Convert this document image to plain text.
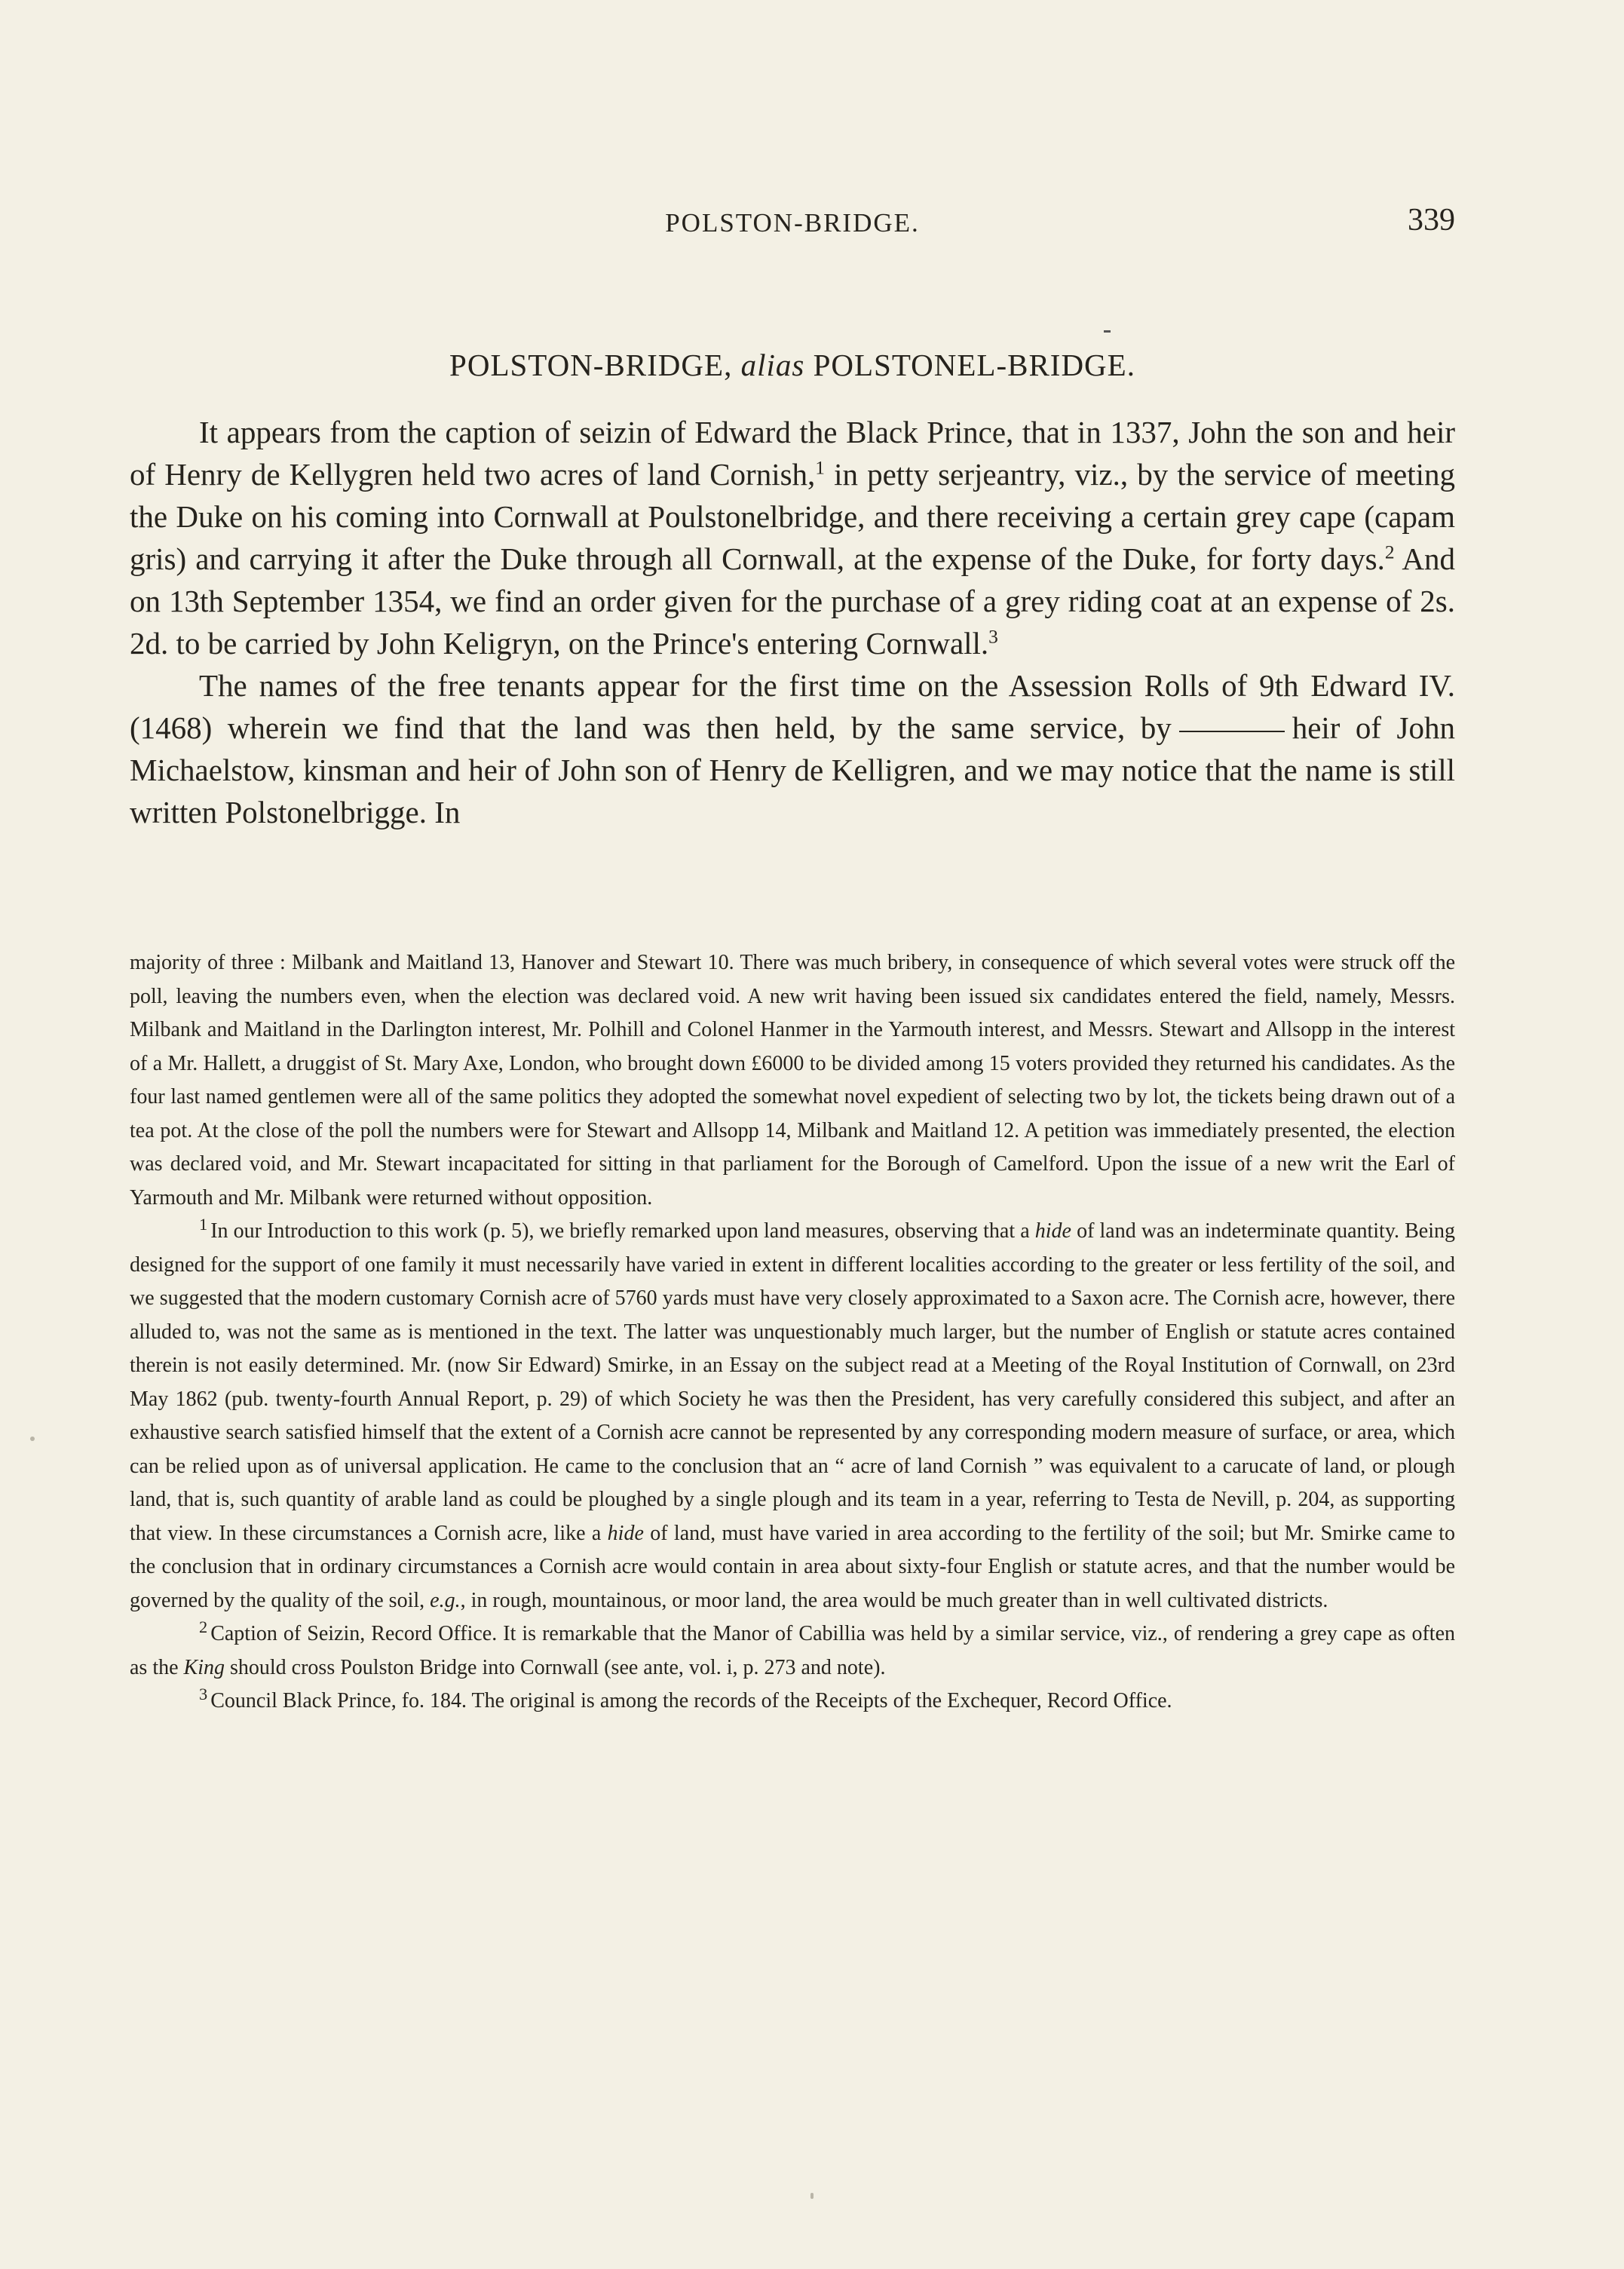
POLSTON-BRIDGE.	339
POLSTON-BRIDGE, alias POLSTONEL-BRIDGE.

It appears from the caption of seizin of Edward the Black Prince, that in 1337, John the son and heir of Henry de Kellygren held two acres of land Cornish,$^1$ in petty serjeantry, viz., by the service of meeting the Duke on his coming into Cornwall at Poulstonelbridge, and there receiving a certain grey cape (capam gris) and carrying it after the Duke through all Cornwall, at the expense of the Duke, for forty days.$^2$ And on 13th September 1354, we find an order given for the purchase of a grey riding coat at an expense of 2s. 2d. to be carried by John Keligryn, on the Prince's entering Cornwall.$^3$

The names of the free tenants appear for the first time on the Assession Rolls of 9th Edward IV. (1468) wherein we find that the land was then held, by the same service, by	heir of John Michaelstow, kinsman and heir of John son of Henry de Kelligren, and we may notice that the name is still written Polstonelbrigge. In

majority of three : Milbank and Maitland 13, Hanover and Stewart 10. There was much bribery, in consequence of which several votes were struck off the poll, leaving the numbers even, when the election was declared void. A new writ having been issued six candidates entered the field, namely, Messrs. Milbank and Maitland in the Darlington interest, Mr. Polhill and Colonel Hanmer in the Yarmouth interest, and Messrs. Stewart and Allsopp in the interest of a Mr. Hallett, a druggist of St. Mary Axe, London, who brought down £6000 to be divided among 15 voters provided they returned his candidates. As the four last named gentlemen were all of the same politics they adopted the somewhat novel expedient of selecting two by lot, the tickets being drawn out of a tea pot. At the close of the poll the numbers were for Stewart and Allsopp 14, Milbank and Maitland 12. A petition was immediately presented, the election was declared void, and Mr. Stewart incapacitated for sitting in that parliament for the Borough of Camelford. Upon the issue of a new writ the Earl of Yarmouth and Mr. Milbank were returned without opposition.

$^1$ In our Introduction to this work (p. 5), we briefly remarked upon land measures, observing that a hide of land was an indeterminate quantity. Being designed for the support of one family it must necessarily have varied in extent in different localities according to the greater or less fertility of the soil, and we suggested that the modern customary Cornish acre of 5760 yards must have very closely approximated to a Saxon acre. The Cornish acre, however, there alluded to, was not the same as is mentioned in the text. The latter was unquestionably much larger, but the number of English or statute acres contained therein is not easily determined. Mr. (now Sir Edward) Smirke, in an Essay on the subject read at a Meeting of the Royal Institution of Cornwall, on 23rd May 1862 (pub. twenty-fourth Annual Report, p. 29) of which Society he was then the President, has very carefully considered this subject, and after an exhaustive search satisfied himself that the extent of a Cornish acre cannot be represented by any corresponding modern measure of surface, or area, which can be relied upon as of universal application. He came to the conclusion that an “ acre of land Cornish ” was equivalent to a carucate of land, or plough land, that is, such quantity of arable land as could be ploughed by a single plough and its team in a year, referring to Testa de Nevill, p. 204, as supporting that view. In these circumstances a Cornish acre, like a hide of land, must have varied in area according to the fertility of the soil; but Mr. Smirke came to the conclusion that in ordinary circumstances a Cornish acre would contain in area about sixty-four English or statute acres, and that the number would be governed by the quality of the soil, e.g., in rough, mountainous, or moor land, the area would be much greater than in well cultivated districts.

$^2$ Caption of Seizin, Record Office. It is remarkable that the Manor of Cabillia was held by a similar service, viz., of rendering a grey cape as often as the King should cross Poulston Bridge into Cornwall (see ante, vol. i, p. 273 and note).

$^3$ Council Black Prince, fo. 184. The original is among the records of the Receipts of the Exchequer, Record Office.
